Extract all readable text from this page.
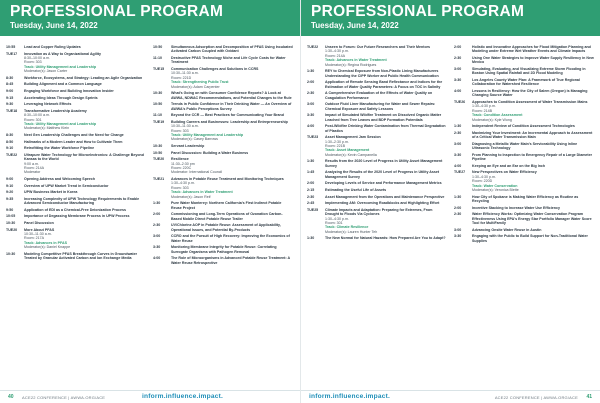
PROFESSIONAL PROGRAM
Tuesday, June 14, 2022
10:55	Lead and Copper Ruling Updates
TUE17	Innovation as A Way to Organizational Agility
8:30–10:00 a.m.
Room: 303
Track: Utility Management and Leadership
Moderator(s): Jason Carter
8:30	Workforce, Ecosystems, and Strategy: Leading an Agile Organization
8:45	Building Alignment and a Common Language
9:00	Engaging Workforce and Building Innovation Insider
9:15	Accelerating Ideas Through Design Sprints
9:30	Leveraging Network Effects
TUE18	Transformative Leadership Academy
8:30–10:00 a.m.
Room: 301
Track: Utility Management and Leadership
Moderator(s): Matthew Klein
8:30	Next Gen Leadership Challenges and the Need for Change
8:50	Hallmarks of a Modern Leader and How to Cultivate Them
9:10	Retrofitting the Water Workforce Pipeline
TUE22	Ultrapure Water Technology for Microelectronics: A Challenge Beyond Kansas to the World
9:00 a.m.
Room: 214A
Moderator
9:00	Opening Address and Welcoming Speech
9:10	Overview of UPW Market Trend in Semiconductor
9:20	UPW Business Market in Korea
9:35	Increasing Complexity of UPW Technology Requirements to Enable Advanced Semiconductor Manufacturing
9:50	Application of EDI as a Chemical-Free Deionization Process
10:05	Importance of Degassing Membrane Process in UPW Process
10:30	Panel Discussion
TUE20	More About PFAS
10:30–11:30 a.m.
Room: 217A
Track: Advances in PFAS
Moderator(s): Daniel Knappe
10:30	Modeling Competitive PFAS Breakthrough Curves in Groundwater Treated by Granular Activated Carbon and Ion Exchange Media
10:50	Simultaneous Adsorption and Decomposition of PFAS Using Incubated Activated Carbon Coupled with Oxidant
11:10	Destructive PFAS Technology Niche and Life Cycle Costs for Water Treatment
TUE15	Communication Challenges and Solutions in CCRS
10:30–11:30 a.m.
Room: 221D
Track: Strengthening Public Trust
Moderator(s): Adam Carpenter
10:30	What's Going on with Consumer Confidence Reports? A Look at AWWA, NDWAC Recommendations, and Potential Changes to the Rule
10:50	Trends in Public Confidence in Their Drinking Water — An Overview of AWWA's Public Perceptions Survey
11:10	Beyond the CCR — Best Practices for Communicating Your Brand
TUE19	Building Careers and Businesses: Leadership and Entrepreneurship
10:30–11:30 a.m.
Room: 303
Track: Utility Management and Leadership
Moderator(s): Casey Barrows
10:30	Servant Leadership
10:50	Panel Discussion: Building a Water Business
TUE20	Resilience
11:30–2:30 pm
Room: 220C
Moderator: International Council
TUE21	Advances in Potable Reuse Treatment and Monitoring Techniques
1:30–4:30 p.m.
Room: 303
Track: Advances in Water Treatment
Moderator(s): Jason Reif
1:30	Pure Water Monterey: Northern California's First Indirect Potable Reuse Project
2:00	Commissioning and Long-Term Operations of Ozonation Carbon-Based Mobile Direct Potable Reuse Trailer
2:30	UV/Chlorine AOP in Potable Reuse: Assessment of Applicability, Operational Issues, and Potential By-Products
3:00	CCRO and the Pursuit of High Recovery: Improving the Economics of Water Reuse
3:30	Monitoring Membrane Integrity for Potable Reuse: Correlating Surrogate Organisms with Pathogen Removal
4:00	The Role of Microorganisms in Advanced Potable Reuse Treatment: A Water Reuse Retrospective
40 ACE22 CONFERENCE | AWWA.ORG/ACE	inform.influence.impact.
PROFESSIONAL PROGRAM
Tuesday, June 14, 2022
TUE22	Unseen to Forum: Our Future Researchers and Their Mentors
1:30–4:30 p.m.
Room: 214A
Track: Advances in Water Treatment
Moderator(s): Regina Rodrigues
1:30	REY to Chemical Exposure from Non-Plastic Lining Manufacturers Understanding the CIPP Worker and Public Health Communication
2:00	Application of Remote Sensing Band Reflectance and Indices for the Estimation of Water Quality Parameters: A Focus on TOC in Salinity
2:30	A Comprehensive Evaluation of the Effects of Water Quality on Coagulation Performance
3:00	Outdoor Fluid Liner Manufacturing for Water and Sewer Repairs: Chemical Exposure and Safety Lessons
3:30	Impact of Simulated Wildfire Treatment on Dissolved Organic Matter Leached from Tree Leaves and BDP Formation Potentials
4:00	Post-Wildfire Drinking Water Contamination from Thermal Degradation of Plastics
TUE23	Asset Management Jam Session
1:30–2:30 p.m.
Room: 221B
Track: Asset Management
Moderator(s): Kevin Campanella
1:30	Results from the 2020 Level of Progress in Utility Asset Management Survey
1:45	Analyzing the Results of the 2020 Level of Progress in Utility Asset Management Survey
2:00	Developing Levels of Service and Performance Management Metrics
2:15	Estimating the Useful Life of Assets
2:30	Asset Management from the Operations and Maintenance Perspective
2:45	Implementing AM: Overcoming Roadblocks and Highlighting Effort
TUE25	Climate Impacts and Adaptation: Preparing for Extremes, From Drought to Floods Via Cyclones
1:30–4:30 p.m.
Room: 301
Track: Climate Resilience
Moderator(s): Lauren Hunter Teh
1:30	The New Normal for Natural Hazards: How Prepared Are You to Adapt?
2:00	Holistic and Innovative Approaches for Flood Mitigation Planning and Modeling under Extreme Wet Weather Events and Climate Impacts
2:30	Using One Water Strategies to Improve Water Supply Resiliency in New Mexico
3:00	Simulating, Evaluating, and Visualizing Extreme Storm Flooding in Boston Using Spatial Rainfall and 2D Flood Modeling
3:30	Los Angeles County Water Plan: A Framework of True Regional Collaboration for Watershed Resilience
4:00	Lessons in Resiliency: How the City of Salem (Oregon) is Managing Changing Source Water
TUE26	Approaches to Condition Assessment of Water Transmission Mains
1:30–4:30 p.m.
Room: 214B
Track: Condition Assessment
Moderator(s): Kyle Wong
1:30	Independent Review of Condition Assessment Technologies
2:30	Maximizing Your Investment: An Incremental Approach to Assessment of a Critical Water Transmission Main
3:00	Diagnosing a Metallic Water Main's Serviceability Using Inline Ultrasonic Technology
3:30	From Planning to Inspection to Emergency Repair of a Large Diameter Pipeline
4:00	Keeping an Eye and an Ear on the Big Inch
TUE27	New Perspectives on Water Efficiency
1:30–4:30 p.m.
Room: 220D
Track: Water Conservation
Moderator(s): Veronica Blette
1:30	How City of Spokane is Making Water Efficiency as Routine as Recycling
2:00	Incentive Stacking to Increase Water Use Efficiency
2:30	Water Efficiency Works: Optimizing Water Conservation Program Effectiveness Using EPA's Energy Star Portfolio Manager Water Score Tool for MultiFamily
3:00	Advancing Onsite Water Reuse in Austin
3:30	Engaging with the Public to Build Support for Non-Traditional Water Supplies
inform.influence.impact.	ACE22 CONFERENCE | AWWA.ORG/ACE 41
